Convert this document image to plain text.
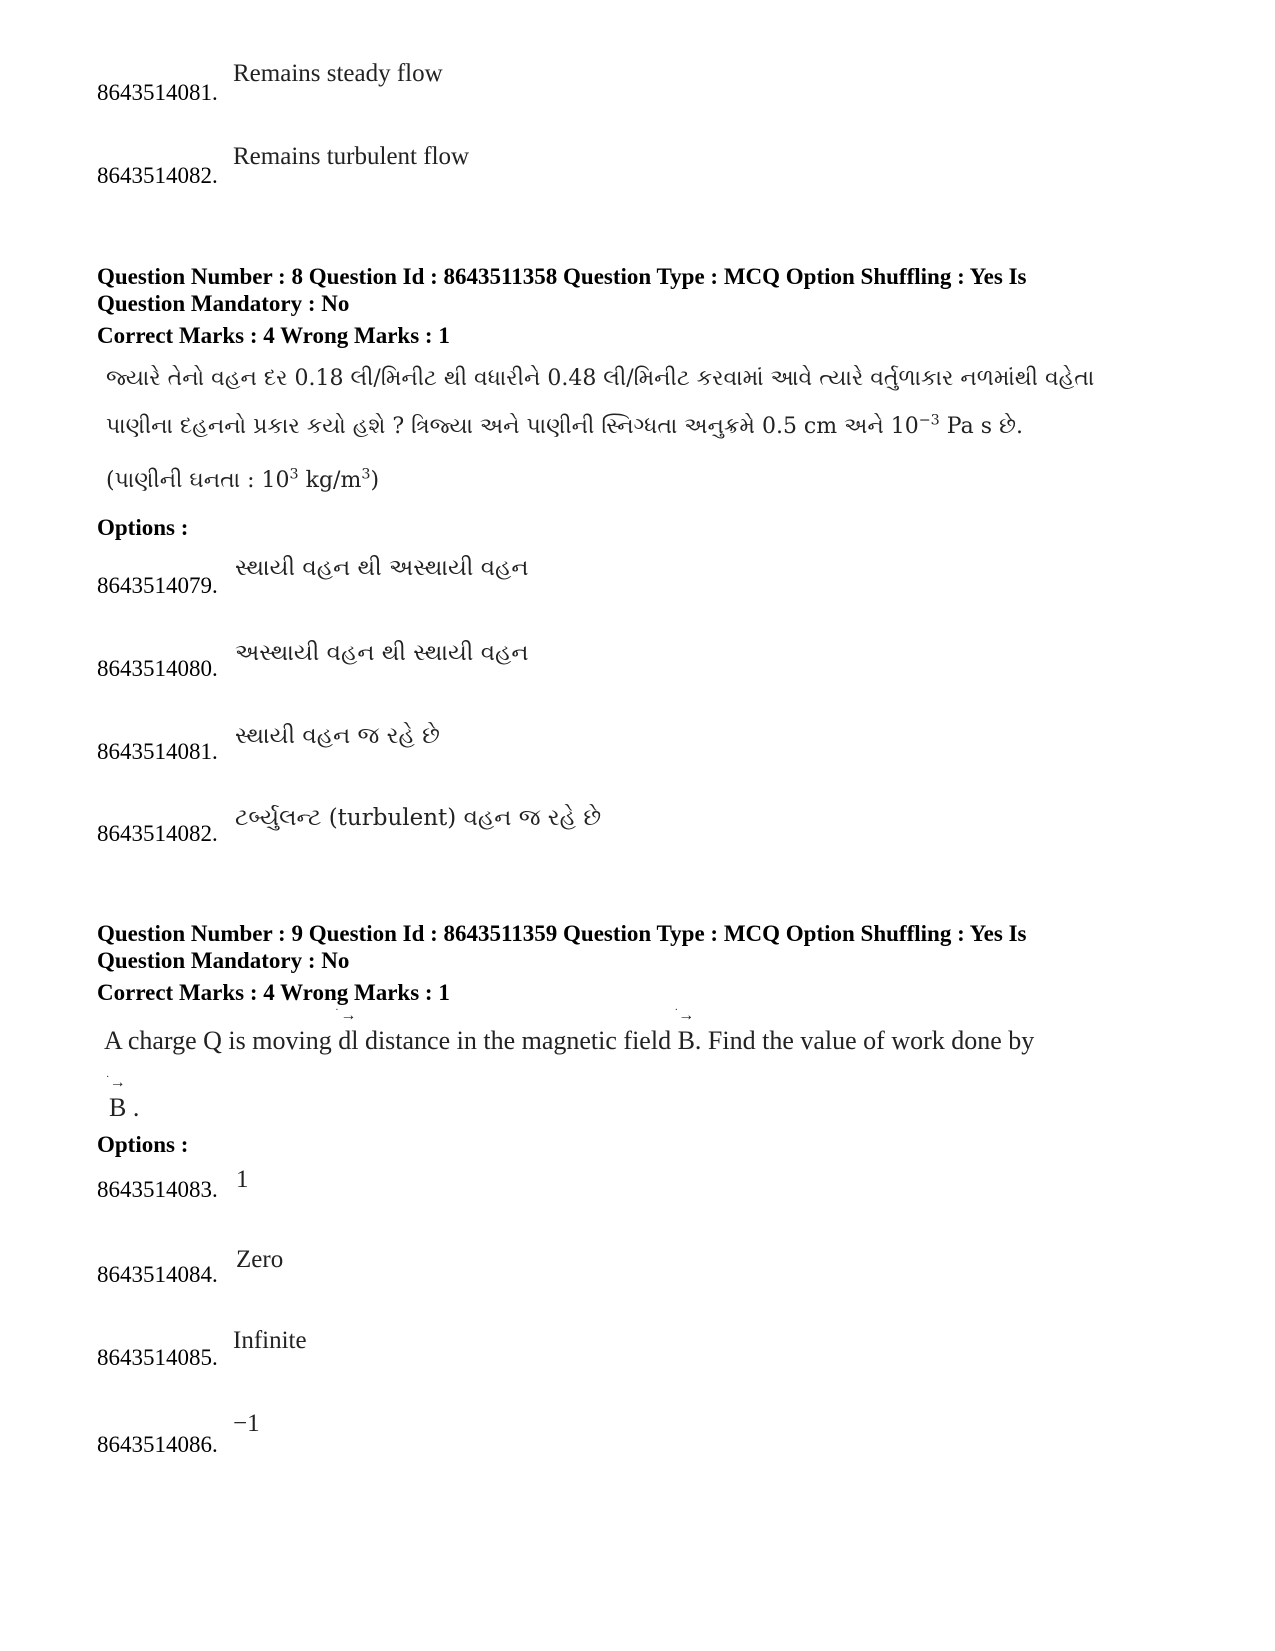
8643514081.
Remains steady flow
8643514082.
Remains turbulent flow
Question Number : 8 Question Id : 8643511358 Question Type : MCQ Option Shuffling : Yes Is
Question Mandatory : No
Correct Marks : 4 Wrong Marks : 1
જ્યારે તેનો વહન દર 0.18 લી/મિનીટ થી વધારીને 0.48 લી/મિનીટ કરવામાં આવે ત્યારે વર્તુળાકાર નળમાંથી વહેતા
પાણીના દહનનો પ્રકાર કયો હશે ? ત્રિજ્યા અને પાણીની સ્નિગ્ધતા અનુક્રમે 0.5 cm અને $10^{-3}$ Pa s છે.
(પાણીની ઘનતા : $10^3$ $kg/m^3$)
Options :
8643514079.
સ્થાયી વહન થી અસ્થાયી વહન
8643514080.
અસ્થાયી વહન થી સ્થાયી વહન
8643514081.
સ્થાયી વહન જ રહે છે
8643514082.
ટર્બ્યુલન્ટ (turbulent) વહન જ રહે છે
Question Number : 9 Question Id : 8643511359 Question Type : MCQ Option Shuffling : Yes Is
Question Mandatory : No
Correct Marks : 4 Wrong Marks : 1
A charge Q is moving
· →
dl distance in the magnetic field
· →
B. Find the value of work done by
· →
B .
Options :
8643514083. 1
8643514084.
Zero
8643514085.
Infinite
8643514086.
−1
